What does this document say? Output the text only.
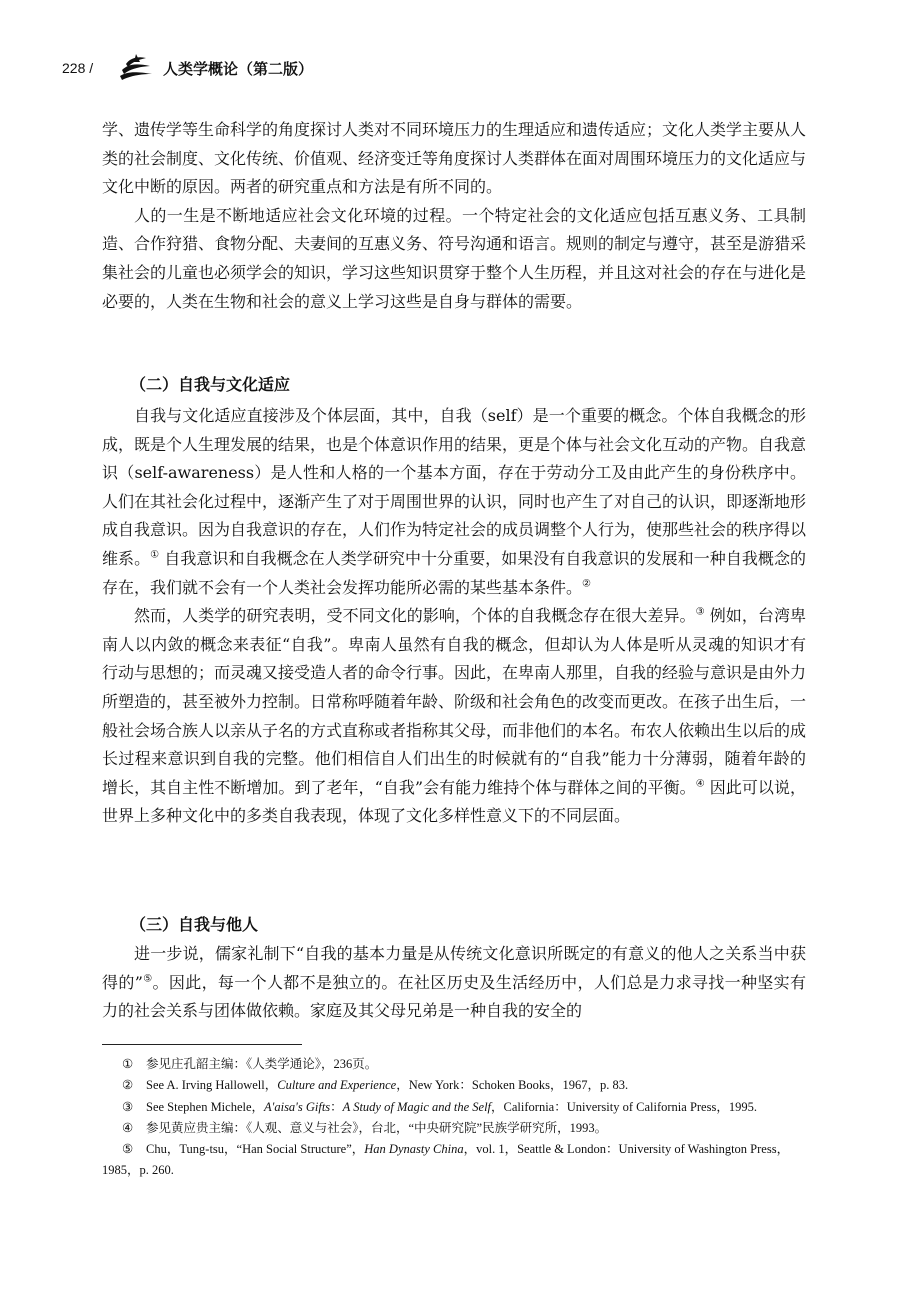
228 /	人类学概论（第二版）

学、遗传学等生命科学的角度探讨人类对不同环境压力的生理适应和遗传适应；文化人类学主要从人类的社会制度、文化传统、价值观、经济变迁等角度探讨人类群体在面对周围环境压力的文化适应与文化中断的原因。两者的研究重点和方法是有所不同的。

人的一生是不断地适应社会文化环境的过程。一个特定社会的文化适应包括互惠义务、工具制造、合作狩猎、食物分配、夫妻间的互惠义务、符号沟通和语言。规则的制定与遵守，甚至是游猎采集社会的儿童也必须学会的知识，学习这些知识贯穿于整个人生历程，并且这对社会的存在与进化是必要的，人类在生物和社会的意义上学习这些是自身与群体的需要。

（二）自我与文化适应

自我与文化适应直接涉及个体层面，其中，自我（self）是一个重要的概念。个体自我概念的形成，既是个人生理发展的结果，也是个体意识作用的结果，更是个体与社会文化互动的产物。自我意识（self-awareness）是人性和人格的一个基本方面，存在于劳动分工及由此产生的身份秩序中。人们在其社会化过程中，逐渐产生了对于周围世界的认识，同时也产生了对自己的认识，即逐渐地形成自我意识。因为自我意识的存在，人们作为特定社会的成员调整个人行为，使那些社会的秩序得以维系。① 自我意识和自我概念在人类学研究中十分重要，如果没有自我意识的发展和一种自我概念的存在，我们就不会有一个人类社会发挥功能所必需的某些基本条件。②

然而，人类学的研究表明，受不同文化的影响，个体的自我概念存在很大差异。③ 例如，台湾卑南人以内敛的概念来表征“自我”。卑南人虽然有自我的概念，但却认为人体是听从灵魂的知识才有行动与思想的；而灵魂又接受造人者的命令行事。因此，在卑南人那里，自我的经验与意识是由外力所塑造的，甚至被外力控制。日常称呼随着年龄、阶级和社会角色的改变而更改。在孩子出生后，一般社会场合族人以亲从子名的方式直称或者指称其父母，而非他们的本名。布农人依赖出生以后的成长过程来意识到自我的完整。他们相信自人们出生的时候就有的“自我”能力十分薄弱，随着年龄的增长，其自主性不断增加。到了老年，“自我”会有能力维持个体与群体之间的平衡。④ 因此可以说，世界上多种文化中的多类自我表现，体现了文化多样性意义下的不同层面。

（三）自我与他人

进一步说，儒家礼制下“自我的基本力量是从传统文化意识所既定的有意义的他人之关系当中获得的”⑤。因此，每一个人都不是独立的。在社区历史及生活经历中，人们总是力求寻找一种坚实有力的社会关系与团体做依赖。家庭及其父母兄弟是一种自我的安全的

① 参见庄孔韶主编：《人类学通论》，236页。

② See A. Irving Hallowell，Culture and Experience，New York：Schoken Books，1967，p. 83.

③ See Stephen Michele，A'aisa's Gifts：A Study of Magic and the Self，California：University of California Press，1995.

④ 参见黄应贵主编：《人观、意义与社会》，台北，“中央研究院”民族学研究所，1993。

⑤ Chu，Tung-tsu，“Han Social Structure”，Han Dynasty China，vol. 1，Seattle & London：University of Washington Press，1985，p. 260.
